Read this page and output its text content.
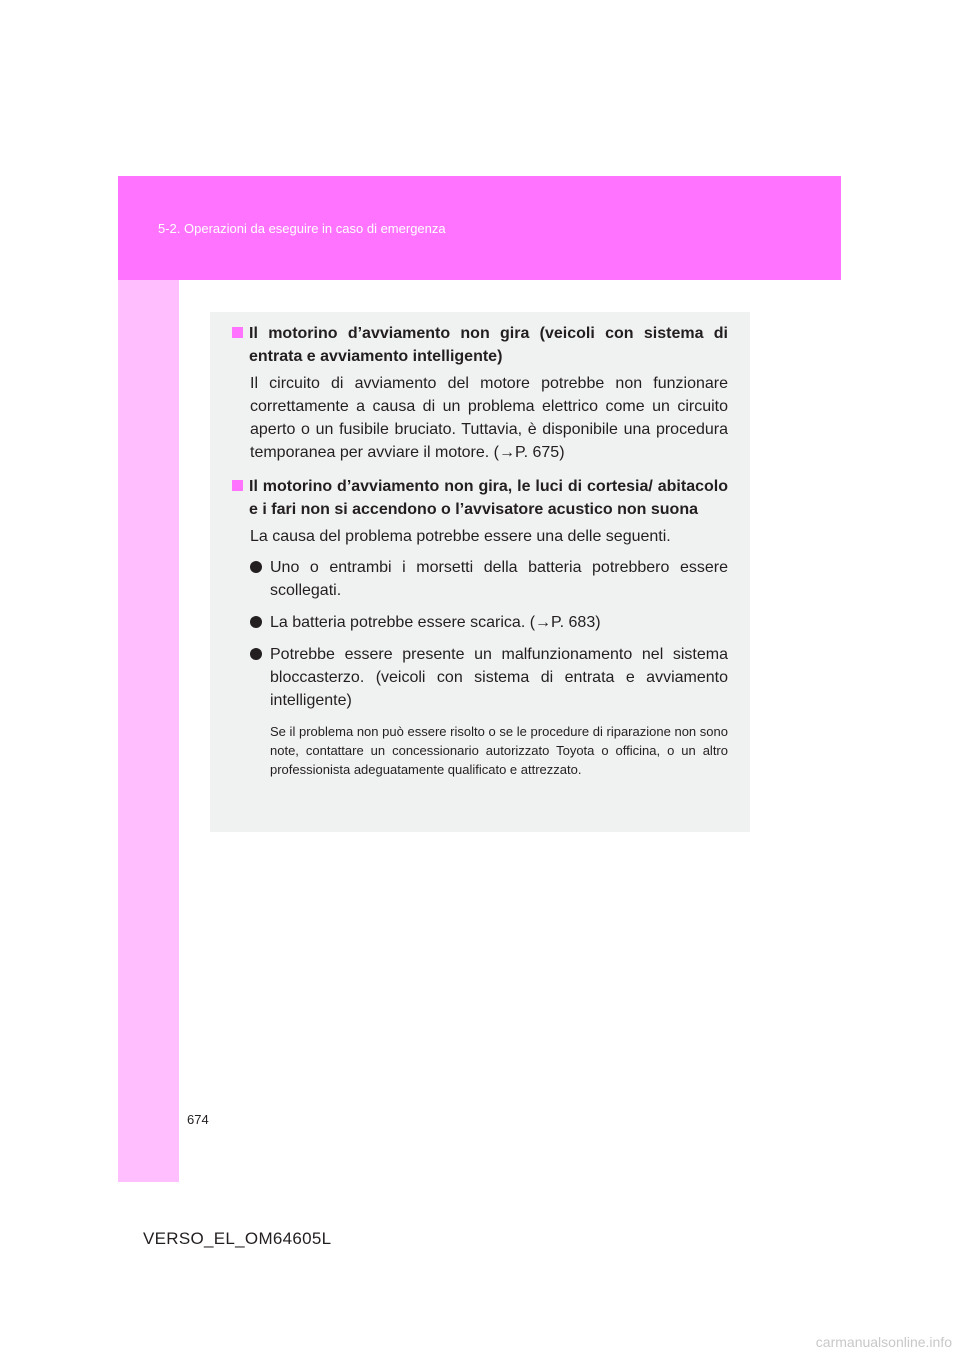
5-2. Operazioni da eseguire in caso di emergenza
Il motorino d’avviamento non gira (veicoli con sistema di entrata e avviamento intelligente)
Il circuito di avviamento del motore potrebbe non funzionare correttamente a causa di un problema elettrico come un circuito aperto o un fusibile bruciato. Tuttavia, è disponibile una procedura temporanea per avviare il motore. (→P. 675)
Il motorino d’avviamento non gira, le luci di cortesia/ abitacolo e i fari non si accendono o l’avvisatore acustico non suona
La causa del problema potrebbe essere una delle seguenti.
Uno o entrambi i morsetti della batteria potrebbero essere scollegati.
La batteria potrebbe essere scarica. (→P. 683)
Potrebbe essere presente un malfunzionamento nel sistema bloccasterzo. (veicoli con sistema di entrata e avviamento intelligente)
Se il problema non può essere risolto o se le procedure di riparazione non sono note, contattare un concessionario autorizzato Toyota o officina, o un altro professionista adeguatamente qualificato e attrezzato.
674
VERSO_EL_OM64605L
carmanualsonline.info
